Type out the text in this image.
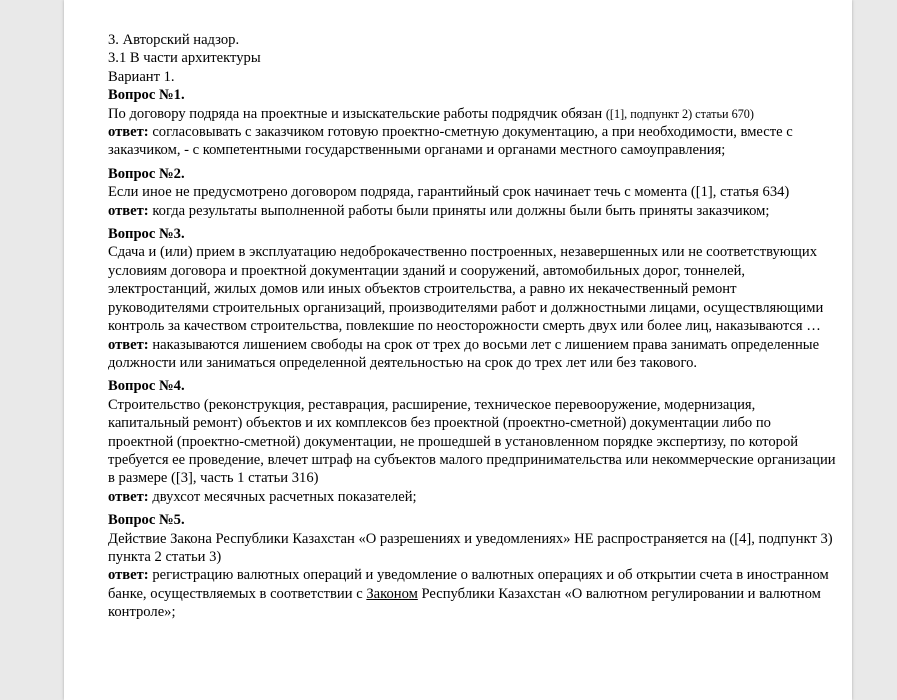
3. Авторский надзор.

3.1 В части архитектуры

Вариант 1.

Вопрос №1.

По договору подряда на проектные и изыскательские работы подрядчик обязан ([1], подпункт 2) статьи 670)

ответ: согласовывать с заказчиком готовую проектно-сметную документацию, а при необходимости, вместе с заказчиком, - с компетентными государственными органами и органами местного самоуправления;

Вопрос №2.

Если иное не предусмотрено договором подряда, гарантийный срок начинает течь с момента ([1], статья 634)

ответ: когда результаты выполненной работы были приняты или должны были быть приняты заказчиком;

Вопрос №3.

Сдача и (или) прием в эксплуатацию недоброкачественно построенных, незавершенных или не соответствующих условиям договора и проектной документации зданий и сооружений, автомобильных дорог, тоннелей, электростанций, жилых домов или иных объектов строительства, а равно их некачественный ремонт руководителями строительных организаций, производителями работ и должностными лицами, осуществляющими контроль за качеством строительства, повлекшие по неосторожности смерть двух или более лиц, наказываются …

ответ: наказываются лишением свободы на срок от трех до восьми лет с лишением права занимать определенные должности или заниматься определенной деятельностью на срок до трех лет или без такового.

Вопрос №4.

Строительство (реконструкция, реставрация, расширение, техническое перевооружение, модернизация, капитальный ремонт) объектов и их комплексов без проектной (проектно-сметной) документации либо по проектной (проектно-сметной) документации, не прошедшей в установленном порядке экспертизу, по которой требуется ее проведение, влечет штраф на субъектов малого предпринимательства или некоммерческие организации в размере ([3], часть 1 статьи 316)

ответ: двухсот месячных расчетных показателей;

Вопрос №5.

Действие Закона Республики Казахстан «О разрешениях и уведомлениях» НЕ распространяется на ([4], подпункт 3) пункта 2 статьи 3)

ответ: регистрацию валютных операций и уведомление о валютных операциях и об открытии счета в иностранном банке, осуществляемых в соответствии с Законом Республики Казахстан «О валютном регулировании и валютном контроле»;
